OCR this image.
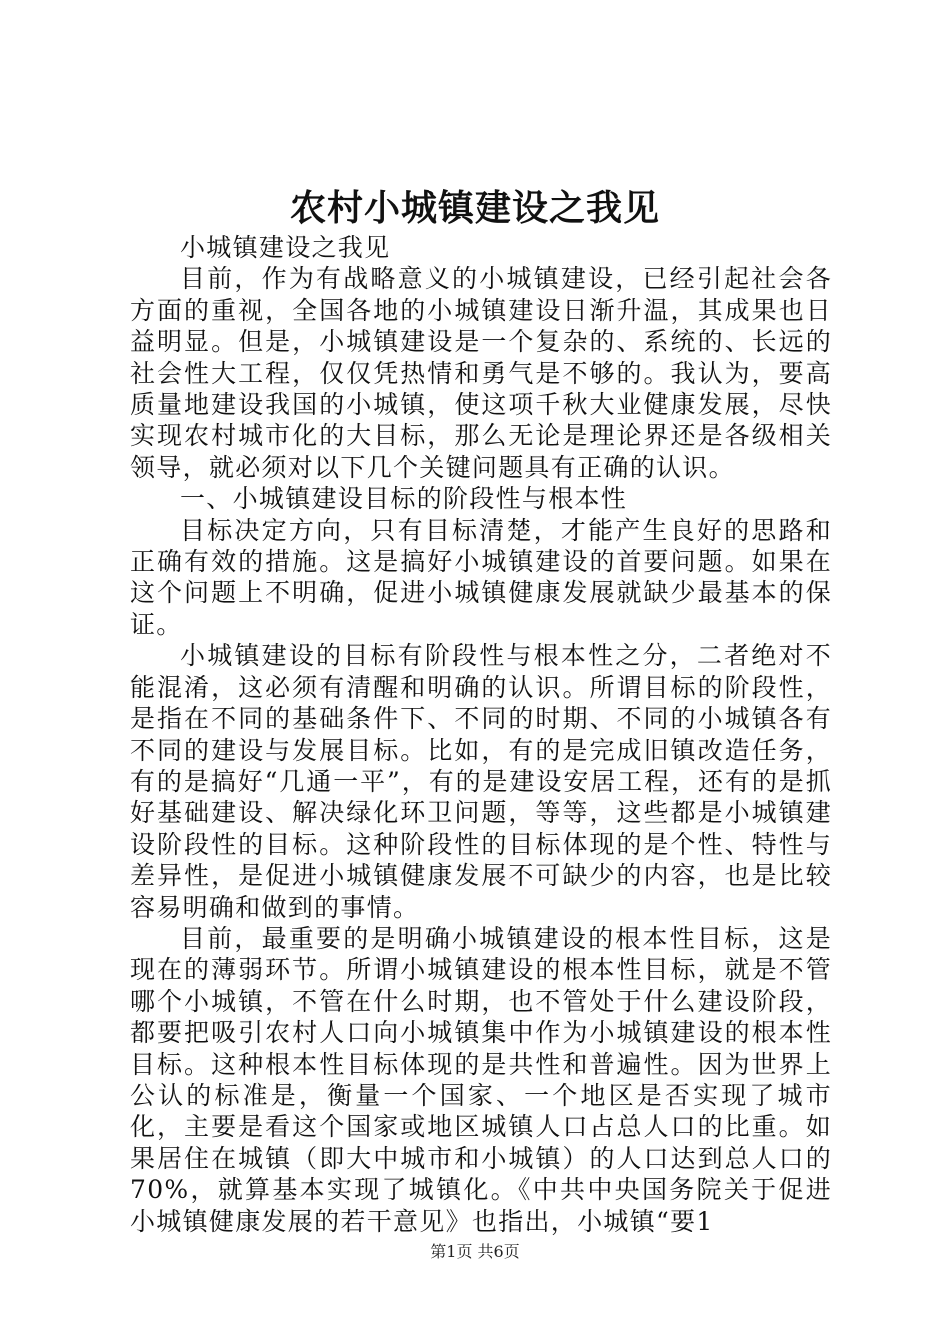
农村小城镇建设之我见

小城镇建设之我见

目前，作为有战略意义的小城镇建设，已经引起社会各方面的重视，全国各地的小城镇建设日渐升温，其成果也日益明显。但是，小城镇建设是一个复杂的、系统的、长远的社会性大工程，仅仅凭热情和勇气是不够的。我认为，要高质量地建设我国的小城镇，使这项千秋大业健康发展，尽快实现农村城市化的大目标，那么无论是理论界还是各级相关领导，就必须对以下几个关键问题具有正确的认识。

一、小城镇建设目标的阶段性与根本性

目标决定方向，只有目标清楚，才能产生良好的思路和正确有效的措施。这是搞好小城镇建设的首要问题。如果在这个问题上不明确，促进小城镇健康发展就缺少最基本的保证。

小城镇建设的目标有阶段性与根本性之分，二者绝对不能混淆，这必须有清醒和明确的认识。所谓目标的阶段性，是指在不同的基础条件下、不同的时期、不同的小城镇各有不同的建设与发展目标。比如，有的是完成旧镇改造任务，有的是搞好“几通一平”，有的是建设安居工程，还有的是抓好基础建设、解决绿化环卫问题，等等，这些都是小城镇建设阶段性的目标。这种阶段性的目标体现的是个性、特性与差异性，是促进小城镇健康发展不可缺少的内容，也是比较容易明确和做到的事情。

目前，最重要的是明确小城镇建设的根本性目标，这是现在的薄弱环节。所谓小城镇建设的根本性目标，就是不管哪个小城镇，不管在什么时期，也不管处于什么建设阶段，都要把吸引农村人口向小城镇集中作为小城镇建设的根本性目标。这种根本性目标体现的是共性和普遍性。因为世界上公认的标准是，衡量一个国家、一个地区是否实现了城市化，主要是看这个国家或地区城镇人口占总人口的比重。如果居住在城镇（即大中城市和小城镇）的人口达到总人口的70%，就算基本实现了城镇化。《中共中央国务院关于促进小城镇健康发展的若干意见》也指出，小城镇“要1

第1页 共6页
